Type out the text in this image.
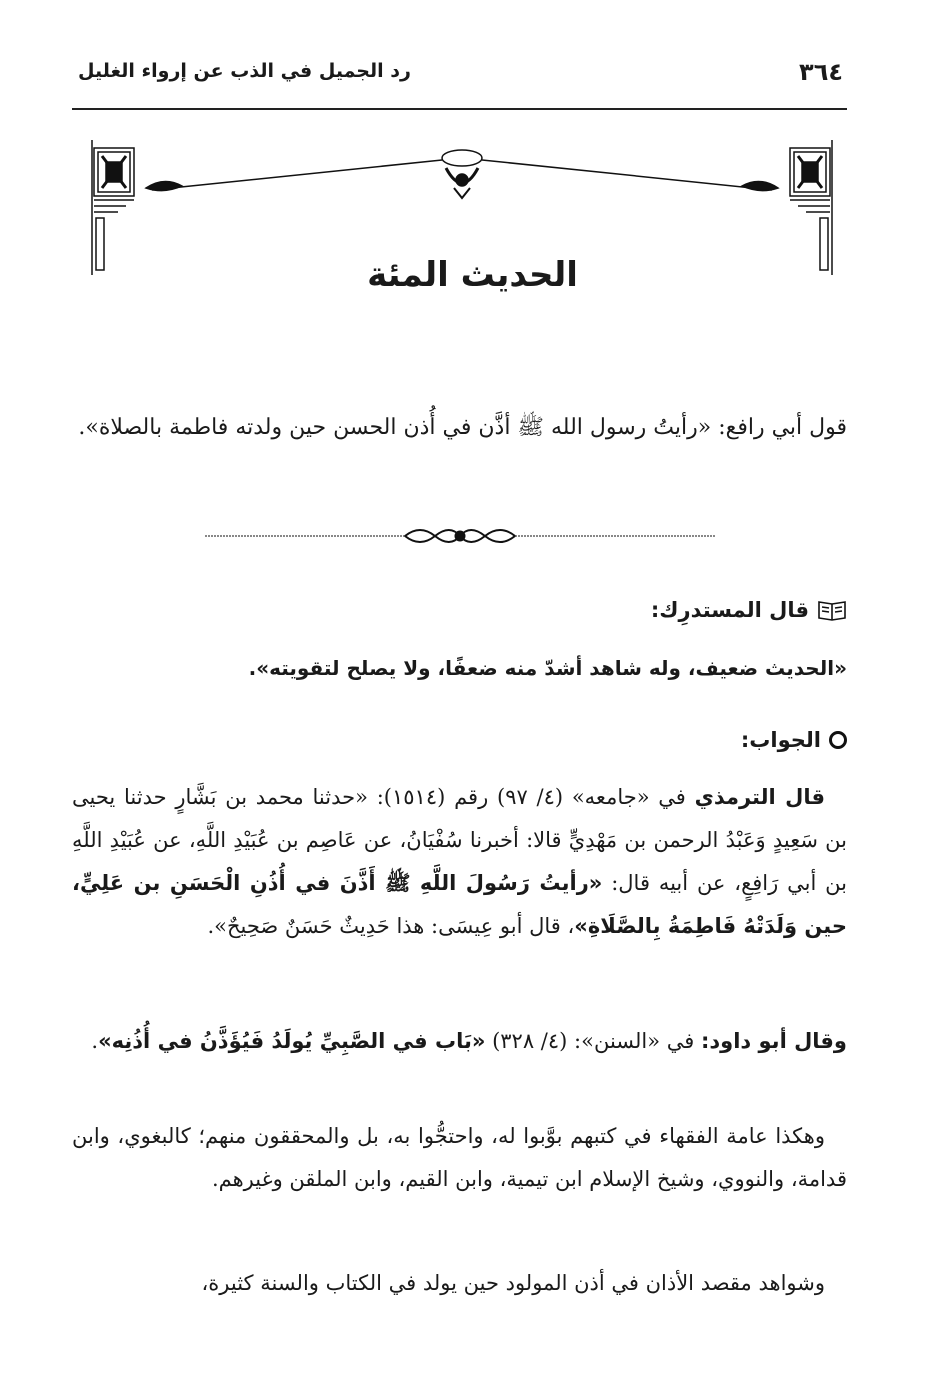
٣٦٤
رد الجميل في الذب عن إرواء الغليل
الحديث المئة
قول أبي رافع: «رأيتُ رسول الله ﷺ أذَّن في أُذن الحسن حين ولدته فاطمة بالصلاة».
قال المستدرِك:
«الحديث ضعيف، وله شاهد أشدّ منه ضعفًا، ولا يصلح لتقويته».
الجواب:
قال الترمذي في «جامعه» (٤/ ٩٧) رقم (١٥١٤): «حدثنا محمد بن بَشَّارٍ حدثنا يحيى بن سَعِيدٍ وَعَبْدُ الرحمن بن مَهْدِيٍّ قالا: أخبرنا سُفْيَانُ، عن عَاصِم بن عُبَيْدِ اللَّهِ، عن عُبَيْدِ اللَّهِ بن أبي رَافِعٍ، عن أبيه قال: «رأيتُ رَسُولَ اللَّهِ ﷺ أَذَّنَ في أُذُنِ الْحَسَنِ بن عَلِيٍّ، حين وَلَدَتْهُ فَاطِمَةُ بِالصَّلَاةِ»، قال أبو عِيسَى: هذا حَدِيثٌ حَسَنٌ صَحِيحٌ».
وقال أبو داود: في «السنن»: (٤/ ٣٢٨) «بَاب في الصَّبِيِّ يُولَدُ فَيُؤَذَّنُ في أُذُنِه».
وهكذا عامة الفقهاء في كتبهم بوَّبوا له، واحتجُّوا به، بل والمحققون منهم؛ كالبغوي، وابن قدامة، والنووي، وشيخ الإسلام ابن تيمية، وابن القيم، وابن الملقن وغيرهم.
وشواهد مقصد الأذان في أذن المولود حين يولد في الكتاب والسنة كثيرة،
